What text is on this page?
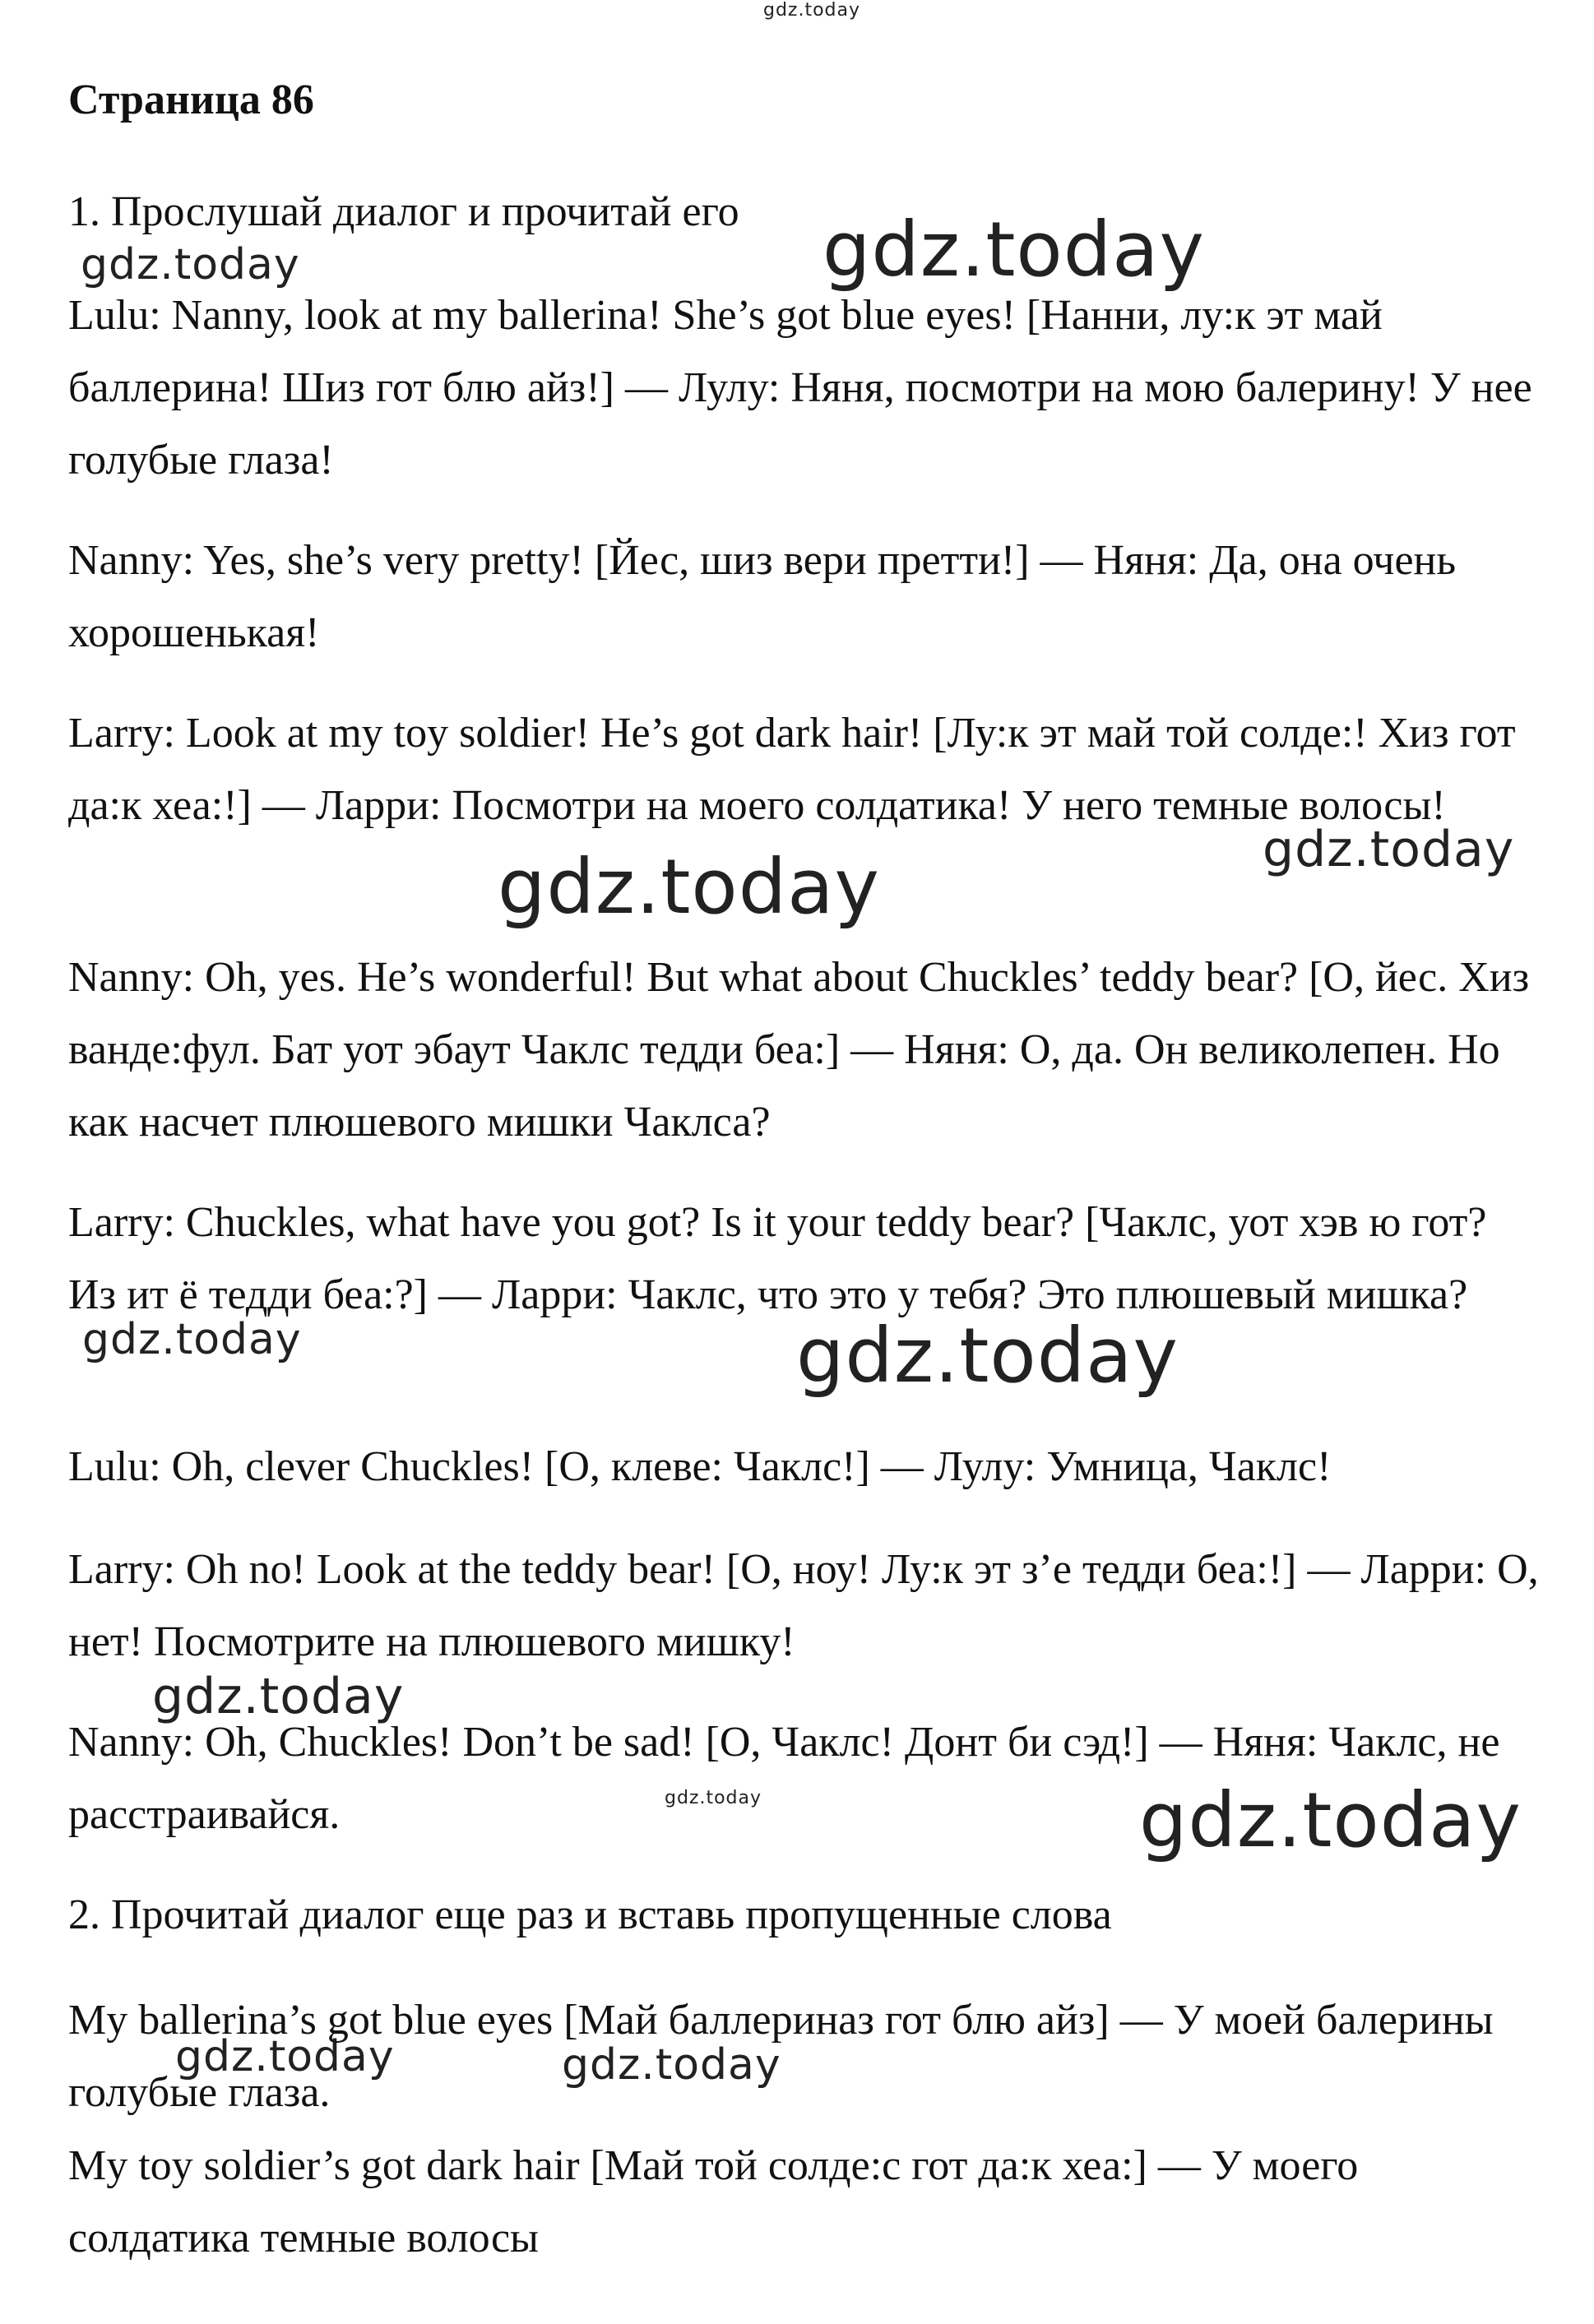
gdz.today
gdz.today
gdz.today
gdz.today
gdz.today
gdz.today	gdz.today
gdz.today
gdz.today	gdz.today
gdz.today	gdz.today
Страница 86

1. Прослушай диалог и прочитай его

Lulu: Nanny, look at my ballerina! She’s got blue eyes! [Нанни, лу:к эт май баллерина! Шиз гот блю айз!] — Лулу: Няня, посмотри на мою балерину! У нее голубые глаза!

Nanny: Yes, she’s very pretty! [Йес, шиз вери претти!] — Няня: Да, она очень хорошенькая!

Larry: Look at my toy soldier! He’s got dark hair! [Лу:к эт май той солде:! Хиз гот да:к хеа:!] — Ларри: Посмотри на моего солдатика! У него темные волосы!

Nanny: Oh, yes. He’s wonderful! But what about Chuckles’ teddy bear? [О, йес. Хиз ванде:фул. Бат уот эбаут Чаклс тедди беа:] — Няня: О, да. Он великолепен. Но как насчет плюшевого мишки Чаклса?

Larry: Chuckles, what have you got? Is it your teddy bear? [Чаклс, уот хэв ю гот? Из ит ё тедди беа:?] — Ларри: Чаклс, что это у тебя? Это плюшевый мишка?

Lulu: Oh, clever Chuckles! [О, клеве: Чаклс!] — Лулу: Умница, Чаклс!

Larry: Oh no! Look at the teddy bear! [О, ноу! Лу:к эт з’е тедди беа:!] — Ларри: О, нет! Посмотрите на плюшевого мишку!

Nanny: Oh, Chuckles! Don’t be sad! [О, Чаклс! Донт би сэд!] — Няня: Чаклс, не расстраивайся.

2. Прочитай диалог еще раз и вставь пропущенные слова

My ballerina’s got blue eyes [Май баллериназ гот блю айз] — У моей балерины голубые глаза.

My toy soldier’s got dark hair [Май той солде:с гот да:к хеа:] — У моего солдатика темные волосы
